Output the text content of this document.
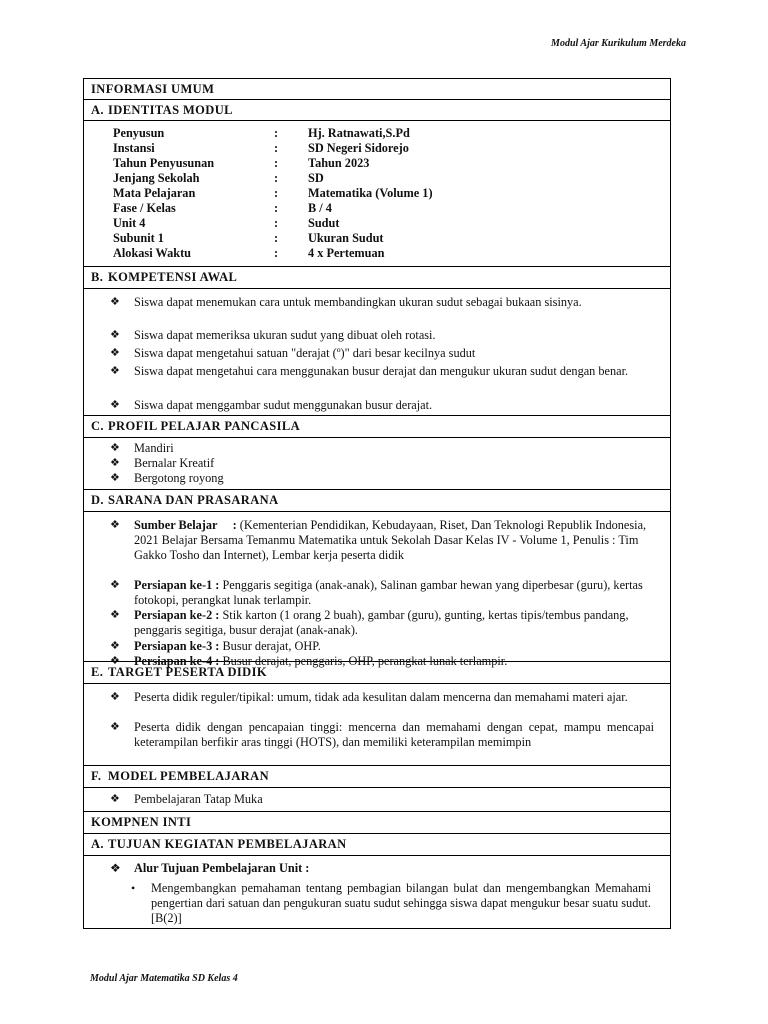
Modul Ajar Kurikulum Merdeka
INFORMASI UMUM
A. IDENTITAS MODUL
Penyusun	: Hj. Ratnawati,S.Pd
Instansi	: SD Negeri Sidorejo
Tahun Penyusunan	: Tahun 2023
Jenjang Sekolah	: SD
Mata Pelajaran	: Matematika (Volume 1)
Fase / Kelas	: B / 4
Unit 4	: Sudut
Subunit 1	: Ukuran Sudut
Alokasi Waktu	: 4 x Pertemuan
B. KOMPETENSI AWAL
❖ Siswa dapat menemukan cara untuk membandingkan ukuran sudut sebagai bukaan sisinya.
❖ Siswa dapat memeriksa ukuran sudut yang dibuat oleh rotasi.
❖ Siswa dapat mengetahui satuan "derajat (º)" dari besar kecilnya sudut
❖ Siswa dapat mengetahui cara menggunakan busur derajat dan mengukur ukuran sudut dengan benar.
❖ Siswa dapat menggambar sudut menggunakan busur derajat.
C. PROFIL PELAJAR PANCASILA
❖ Mandiri
❖ Bernalar Kreatif
❖ Bergotong royong
D. SARANA DAN PRASARANA
❖ Sumber Belajar     : (Kementerian Pendidikan, Kebudayaan, Riset, Dan Teknologi Republik Indonesia, 2021 Belajar Bersama Temanmu Matematika untuk Sekolah Dasar Kelas IV - Volume 1, Penulis : Tim Gakko Tosho dan Internet), Lembar kerja peserta didik
❖ Persiapan ke-1 : Penggaris segitiga (anak-anak), Salinan gambar hewan yang diperbesar (guru), kertas fotokopi, perangkat lunak terlampir.
❖ Persiapan ke-2 : Stik karton (1 orang 2 buah), gambar (guru), gunting, kertas tipis/tembus pandang, penggaris segitiga, busur derajat (anak-anak).
❖ Persiapan ke-3 : Busur derajat, OHP.
❖ Persiapan ke-4 : Busur derajat, penggaris, OHP, perangkat lunak terlampir.
E. TARGET PESERTA DIDIK
❖ Peserta didik reguler/tipikal: umum, tidak ada kesulitan dalam mencerna dan memahami materi ajar.
❖ Peserta didik dengan pencapaian tinggi: mencerna dan memahami dengan cepat, mampu mencapai keterampilan berfikir aras tinggi (HOTS), dan memiliki keterampilan memimpin
F. MODEL PEMBELAJARAN
❖ Pembelajaran Tatap Muka
KOMPNEN INTI
A. TUJUAN KEGIATAN PEMBELAJARAN
❖ Alur Tujuan Pembelajaran Unit :
• Mengembangkan pemahaman tentang pembagian bilangan bulat dan mengembangkan Memahami pengertian dari satuan dan pengukuran suatu sudut sehingga siswa dapat mengukur besar suatu sudut. [B(2)]
Modul Ajar Matematika SD Kelas 4
